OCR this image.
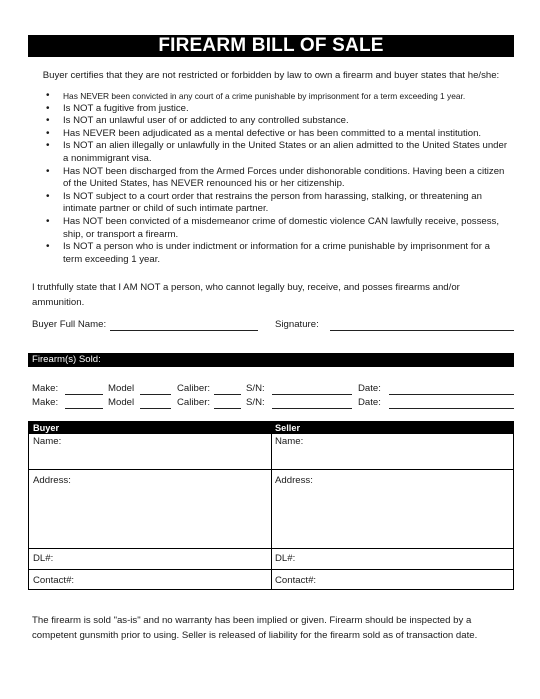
FIREARM BILL OF SALE
Buyer certifies that they are not restricted or forbidden by law to own a firearm and buyer states that he/she:
• Has NEVER been convicted in any court of a crime punishable by imprisonment for a term exceeding 1 year.
• Is NOT a fugitive from justice.
• Is NOT an unlawful user of or addicted to any controlled substance.
• Has NEVER been adjudicated as a mental defective or has been committed to a mental institution.
• Is NOT an alien illegally or unlawfully in the United States or an alien admitted to the United States under a nonimmigrant visa.
• Has NOT been discharged from the Armed Forces under dishonorable conditions. Having been a citizen of the United States, has NEVER renounced his or her citizenship.
• Is NOT subject to a court order that restrains the person from harassing, stalking, or threatening an intimate partner or child of such intimate partner.
• Has NOT been convicted of a misdemeanor crime of domestic violence CAN lawfully receive, possess, ship, or transport a firearm.
• Is NOT a person who is under indictment or information for a crime punishable by imprisonment for a term exceeding 1 year.
I truthfully state that I AM NOT a person, who cannot legally buy, receive, and posses firearms and/or ammunition.
Buyer Full Name:	Signature:
Firearm(s) Sold:
Make:	Model	Caliber:	S/N:	Date:
Make:	Model	Caliber:	S/N:	Date:
Buyer	Seller
Name:	Name:
Address:	Address:
DL#:	DL#:
Contact#:	Contact#:
The firearm is sold "as-is" and no warranty has been implied or given. Firearm should be inspected by a competent gunsmith prior to using. Seller is released of liability for the firearm sold as of transaction date.
